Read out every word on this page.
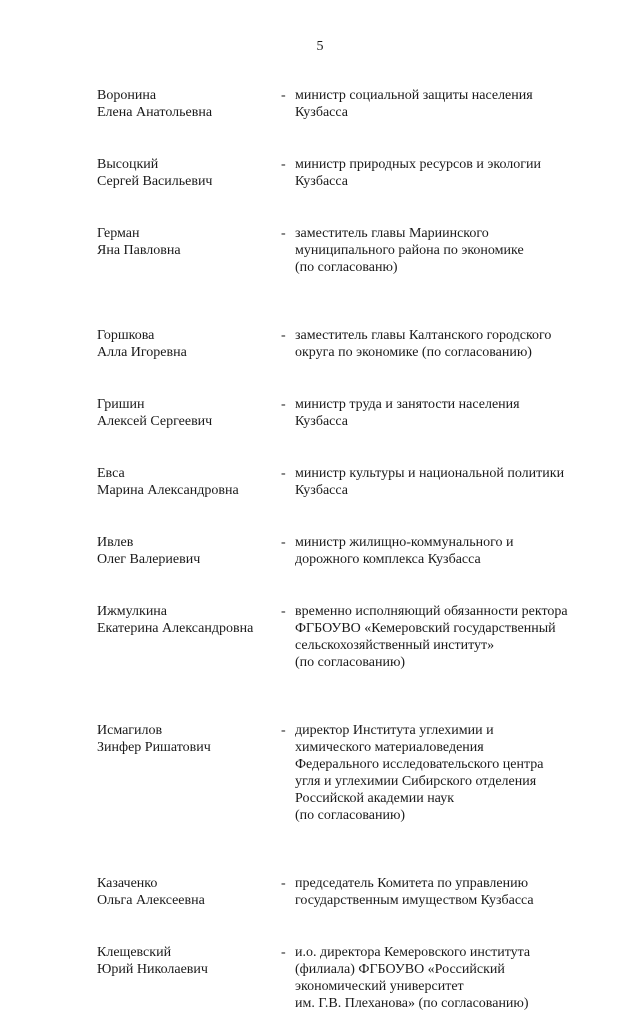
5
Воронина
Елена Анатольевна
- министр социальной защиты населения
Кузбасса
Высоцкий
Сергей Васильевич
- министр природных ресурсов и экологии
Кузбасса
Герман
Яна Павловна
- заместитель главы Мариинского
муниципального района по экономике
(по согласованю)
Горшкова
Алла Игоревна
- заместитель главы Калтанского городского
округа по экономике (по согласованию)
Гришин
Алексей Сергеевич
- министр труда и занятости населения
Кузбасса
Евса
Марина Александровна
- министр культуры и национальной политики
Кузбасса
Ивлев
Олег Валериевич
- министр жилищно-коммунального и
дорожного комплекса Кузбасса
Ижмулкина
Екатерина Александровна
- временно исполняющий обязанности ректора
ФГБОУВО «Кемеровский государственный
сельскохозяйственный институт»
(по согласованию)
Исмагилов
Зинфер Ришатович
- директор Института углехимии и
химического материаловедения
Федерального исследовательского центра
угля и углехимии Сибирского отделения
Российской академии наук
(по согласованию)
Казаченко
Ольга Алексеевна
- председатель Комитета по управлению
государственным имуществом Кузбасса
Клещевский
Юрий Николаевич
- и.о. директора Кемеровского института
(филиала) ФГБОУВО «Российский
экономический университет
им. Г.В. Плеханова» (по согласованию)
